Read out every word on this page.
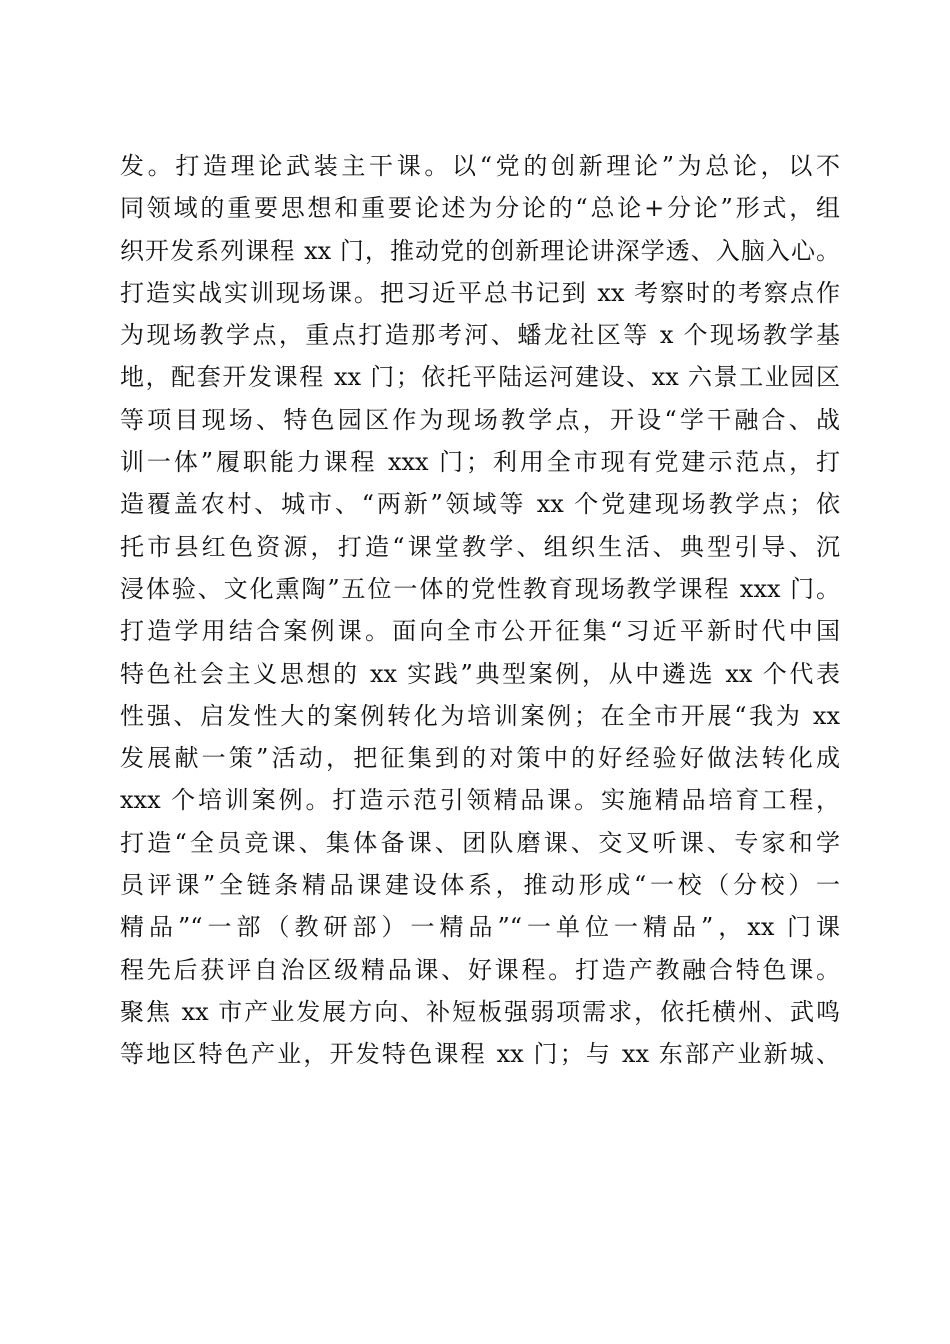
发。打造理论武装主干课。以“党的创新理论”为总论，以不
同领域的重要思想和重要论述为分论的“总论+分论”形式，组
织开发系列课程 xx 门，推动党的创新理论讲深学透、入脑入心。
打造实战实训现场课。把习近平总书记到 xx 考察时的考察点作
为现场教学点，重点打造那考河、蟠龙社区等 x 个现场教学基
地，配套开发课程 xx 门；依托平陆运河建设、xx 六景工业园区
等项目现场、特色园区作为现场教学点，开设“学干融合、战
训一体”履职能力课程 xxx 门；利用全市现有党建示范点，打
造覆盖农村、城市、“两新”领域等 xx 个党建现场教学点；依
托市县红色资源，打造“课堂教学、组织生活、典型引导、沉
浸体验、文化熏陶”五位一体的党性教育现场教学课程 xxx 门。
打造学用结合案例课。面向全市公开征集“习近平新时代中国
特色社会主义思想的 xx 实践”典型案例，从中遴选 xx 个代表
性强、启发性大的案例转化为培训案例；在全市开展“我为 xx
发展献一策”活动，把征集到的对策中的好经验好做法转化成
xxx 个培训案例。打造示范引领精品课。实施精品培育工程，
打造“全员竞课、集体备课、团队磨课、交叉听课、专家和学
员评课”全链条精品课建设体系，推动形成“一校（分校）一
精品”“一部（教研部）一精品”“一单位一精品”，xx 门课
程先后获评自治区级精品课、好课程。打造产教融合特色课。
聚焦 xx 市产业发展方向、补短板强弱项需求，依托横州、武鸣
等地区特色产业，开发特色课程 xx 门；与 xx 东部产业新城、
